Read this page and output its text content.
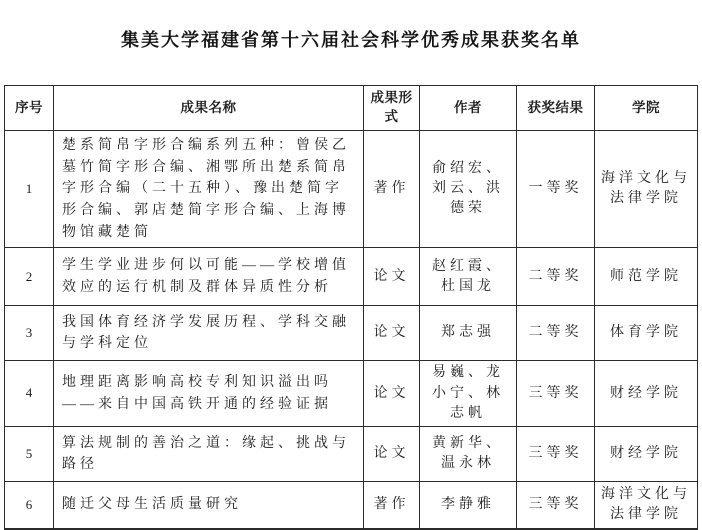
集美大学福建省第十六届社会科学优秀成果获奖名单
序号	成果名称	成果形式	作者	获奖结果	学院
1	楚系简帛字形合编系列五种：曾侯乙墓竹简字形合编、湘鄂所出楚系简帛字形合编（二十五种）、豫出楚简字形合编、郭店楚简字形合编、上海博物馆藏楚简	著作	俞绍宏、刘云、洪德荣	一等奖	海洋文化与法律学院
2	学生学业进步何以可能——学校增值效应的运行机制及群体异质性分析	论文	赵红霞、杜国龙	二等奖	师范学院
3	我国体育经济学发展历程、学科交融与学科定位	论文	郑志强	二等奖	体育学院
4	地理距离影响高校专利知识溢出吗——来自中国高铁开通的经验证据	论文	易巍、龙小宁、林志帆	三等奖	财经学院
5	算法规制的善治之道：缘起、挑战与路径	论文	黄新华、温永林	三等奖	财经学院
6	随迁父母生活质量研究	著作	李静雅	三等奖	海洋文化与法律学院
